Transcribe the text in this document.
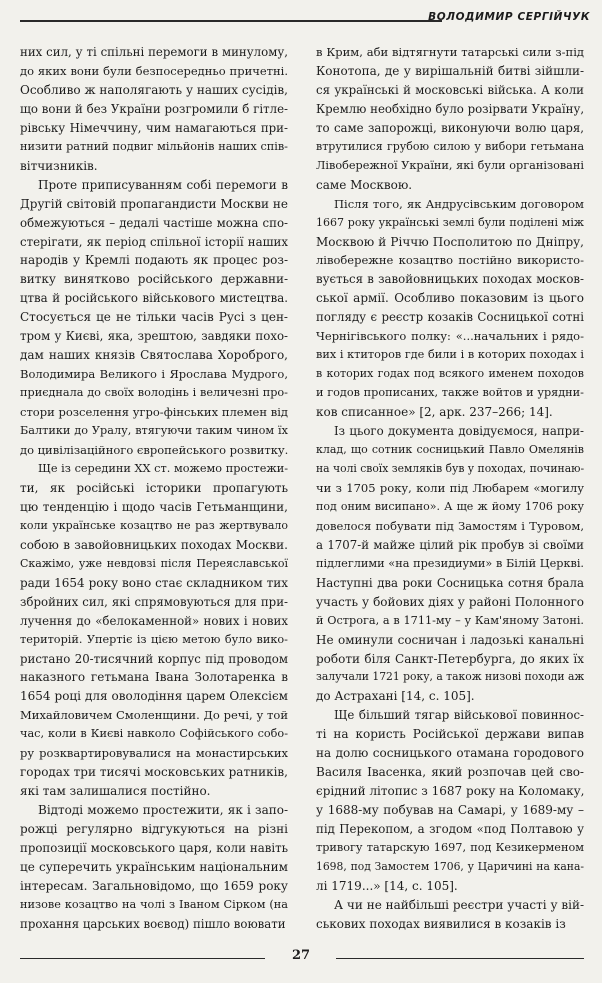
ВОЛОДИМИР СЕРГІЙЧУК
них сил, у ті спільні перемоги в минулому,
до яких вони були безпосередньо причетні.
Особливо ж наполягають у наших сусідів,
що вони й без України розгромили б гітле-
рівську Німеччину, чим намагаються при-
низити ратний подвиг мільйонів наших спів-
вітчизників.
Проте приписуванням собі перемоги в
Другій світовій пропагандисти Москви не
обмежуються – дедалі частіше можна спо-
стерігати, як період спільної історії наших
народів у Кремлі подають як процес роз-
витку винятково російського державни-
цтва й російського військового мистецтва.
Стосується це не тільки часів Русі з цен-
тром у Києві, яка, зрештою, завдяки похо-
дам наших князів Святослава Хороброго,
Володимира Великого і Ярослава Мудрого,
приєднала до своїх володінь і величезні про-
стори розселення угро-фінських племен від
Балтики до Уралу, втягуючи таким чином їх
до цивілізаційного європейського розвитку.
Ще із середини XX ст. можемо простежи-
ти, як російські історики пропагують
цю тенденцію і щодо часів Гетьманщини,
коли українське козацтво не раз жертвувало
собою в завойовницьких походах Москви.
Скажімо, уже невдовзі після Переяславської
ради 1654 року воно стає складником тих
збройних сил, які спрямовуються для при-
лучення до «белокаменной» нових і нових
територій. Упертіє із цією метою було вико-
ристано 20-тисячний корпус під проводом
наказного гетьмана Івана Золотаренка в
1654 році для оволодіння царем Олексієм
Михайловичем Смоленщини. До речі, у той
час, коли в Києві навколо Софійського собо-
ру розквартировувалися на монастирських
городах три тисячі московських ратників,
які там залишалися постійно.
Відтоді можемо простежити, як і запо-
рожці регулярно відгукуються на різні
пропозиції московського царя, коли навіть
це суперечить українським національним
інтересам. Загальновідомо, що 1659 року
низове козацтво на чолі з Іваном Сірком (на
прохання царських воєвод) пішло воювати
в Крим, аби відтягнути татарські сили з-під
Конотопа, де у вирішальній битві зійшли-
ся українські й московські війська. А коли
Кремлю необхідно було розірвати Україну,
то саме запорожці, виконуючи волю царя,
втрутилися грубою силою у вибори гетьмана
Лівобережної України, які були організовані
саме Москвою.
Після того, як Андрусівським договором
1667 року українські землі були поділені між
Москвою й Річчю Посполитою по Дніпру,
лівобережне козацтво постійно використо-
вується в завойовницьких походах москов-
ської армії. Особливо показовим із цього
погляду є реєстр козаків Сосницької сотні
Чернігівського полку: «...начальних і рядо-
вих і ктиторов где били і в которих походах і
в которих годах под всякого именем походов
и годов прописаних, также войтов и урядни-
ков списанное» [2, арк. 237–266; 14].
Із цього документа довідуємося, напри-
клад, що сотник сосницький Павло Омелянів
на чолі своїх земляків був у походах, починаю-
чи з 1705 року, коли під Любарем «могилу
под оним висипано». А ще ж йому 1706 року
довелося побувати під Замостям і Туровом,
а 1707-й майже цілий рік пробув зі своїми
підлеглими «на президиуми» в Білій Церкві.
Наступні два роки Сосницька сотня брала
участь у бойових діях у районі Полонного
й Острога, а в 1711-му – у Кам'яному Затоні.
Не оминули сосничан і ладозькі канальні
роботи біля Санкт-Петербурга, до яких їх
залучали 1721 року, а також низові походи аж
до Астрахані [14, с. 105].
Ще більший тягар військової повиннос-
ті на користь Російської держави випав
на долю сосницького отамана городового
Василя Івасенка, який розпочав цей сво-
єрідний літопис з 1687 року на Коломаку,
у 1688-му побував на Самарі, у 1689-му –
під Перекопом, а згодом «под Полтавою у
тривогу татарскую 1697, под Кезикерменом
1698, под Замостем 1706, у Царичині на кана-
лі 1719...» [14, с. 105].
А чи не найбільші реєстри участі у вій-
ськових походах виявилися в козаків із
27
